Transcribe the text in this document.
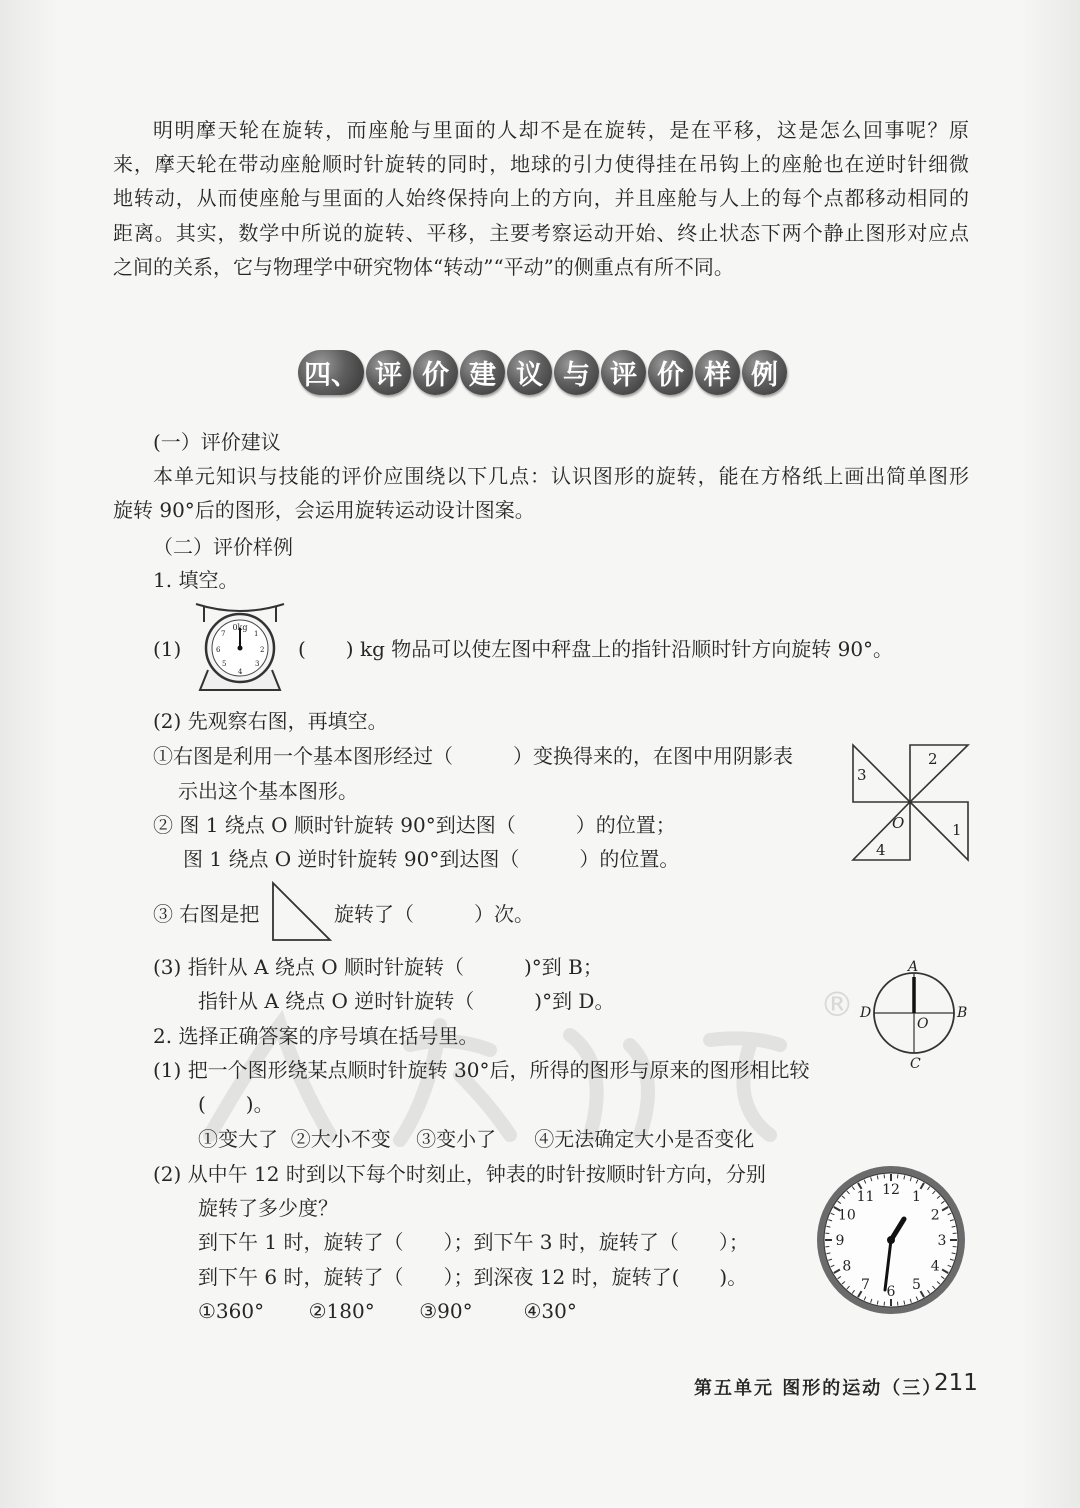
明明摩天轮在旋转，而座舱与里面的人却不是在旋转，是在平移，这是怎么回事呢？原
来，摩天轮在带动座舱顺时针旋转的同时，地球的引力使得挂在吊钩上的座舱也在逆时针细微
地转动，从而使座舱与里面的人始终保持向上的方向，并且座舱与人上的每个点都移动相同的
距离。其实，数学中所说的旋转、平移，主要考察运动开始、终止状态下两个静止图形对应点
之间的关系，它与物理学中研究物体“转动”“平动”的侧重点有所不同。
四、 评 价 建 议 与 评 价 样 例
(一）评价建议
本单元知识与技能的评价应围绕以下几点：认识图形的旋转，能在方格纸上画出简单图形
旋转 90°后的图形，会运用旋转运动设计图案。
（二）评价样例
1. 填空。
(1)
0kg
1
2
3
4
5
6
7
(　　) kg 物品可以使左图中秤盘上的指针沿顺时针方向旋转 90°。
(2) 先观察右图，再填空。
①右图是利用一个基本图形经过（　　　）变换得来的，在图中用阴影表
示出这个基本图形。
② 图 1 绕点 O 顺时针旋转 90°到达图（　　　）的位置；
图 1 绕点 O 逆时针旋转 90°到达图（　　　）的位置。
1
2
3
4
O
③ 右图是把	旋转了（　　　）次。
(3) 指针从 A 绕点 O 顺时针旋转（　　　)°到 B；
指针从 A 绕点 O 逆时针旋转（　　　)°到 D。
A
B
C
D
O
®
2. 选择正确答案的序号填在括号里。
(1) 把一个图形绕某点顺时针旋转 30°后，所得的图形与原来的图形相比较
(　　)。
①变大了  ②大小不变    ③变小了      ④无法确定大小是否变化
(2) 从中午 12 时到以下每个时刻止，钟表的时针按顺时针方向，分别
旋转了多少度？
到下午 1 时，旋转了（　　）；到下午 3 时，旋转了（　　）；
到下午 6 时，旋转了（　　）；到深夜 12 时，旋转了(　　)。
①360°       ②180°       ③90°        ④30°
12 1
2
3
4
5
6
7
8
9
10
11
第五单元 图形的运动（三）
211
